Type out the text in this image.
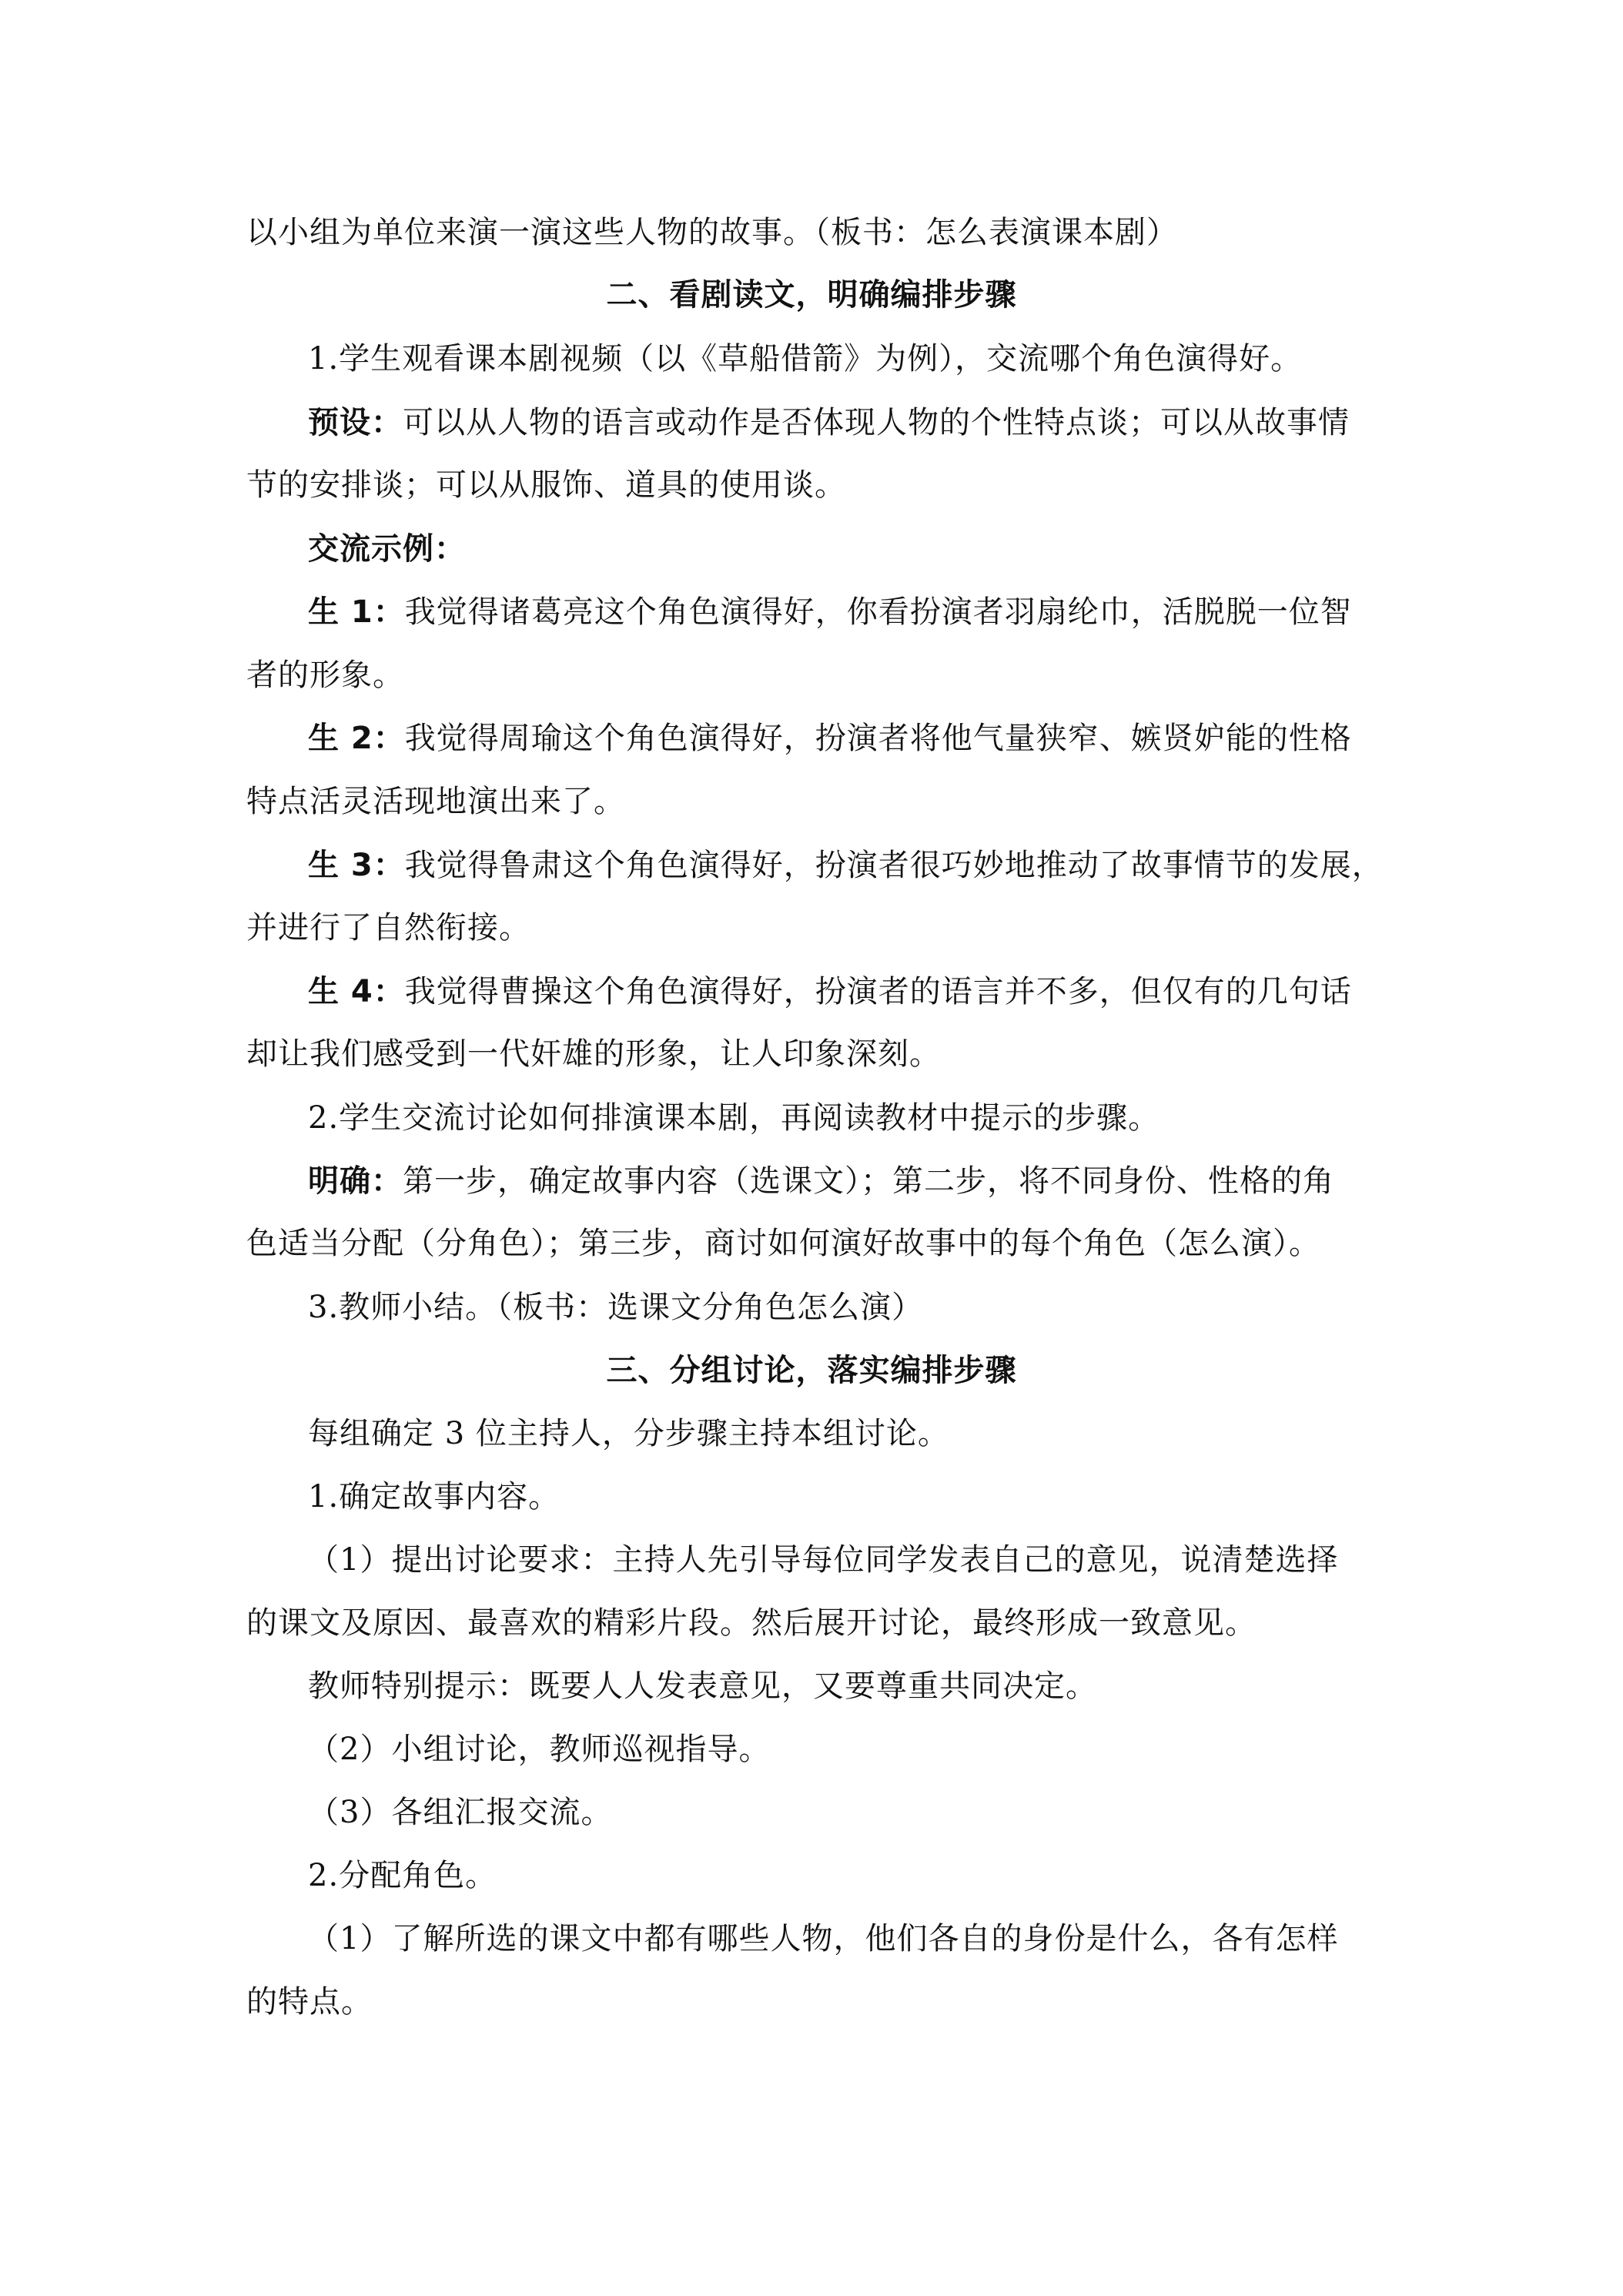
以小组为单位来演一演这些人物的故事。（板书：怎么表演课本剧）
二、看剧读文，明确编排步骤
1.学生观看课本剧视频（以《草船借箭》为例），交流哪个角色演得好。
预设：可以从人物的语言或动作是否体现人物的个性特点谈；可以从故事情
节的安排谈；可以从服饰、道具的使用谈。
交流示例：
生 1：我觉得诸葛亮这个角色演得好，你看扮演者羽扇纶巾，活脱脱一位智
者的形象。
生 2：我觉得周瑜这个角色演得好，扮演者将他气量狭窄、嫉贤妒能的性格
特点活灵活现地演出来了。
生 3：我觉得鲁肃这个角色演得好，扮演者很巧妙地推动了故事情节的发展，
并进行了自然衔接。
生 4：我觉得曹操这个角色演得好，扮演者的语言并不多，但仅有的几句话
却让我们感受到一代奸雄的形象，让人印象深刻。
2.学生交流讨论如何排演课本剧，再阅读教材中提示的步骤。
明确：第一步，确定故事内容（选课文）；第二步，将不同身份、性格的角
色适当分配（分角色）；第三步，商讨如何演好故事中的每个角色（怎么演）。
3.教师小结。（板书：选课文分角色怎么演）
三、分组讨论，落实编排步骤
每组确定 3 位主持人，分步骤主持本组讨论。
1.确定故事内容。
（1）提出讨论要求：主持人先引导每位同学发表自己的意见，说清楚选择
的课文及原因、最喜欢的精彩片段。然后展开讨论，最终形成一致意见。
教师特别提示：既要人人发表意见，又要尊重共同决定。
（2）小组讨论，教师巡视指导。
（3）各组汇报交流。
2.分配角色。
（1）了解所选的课文中都有哪些人物，他们各自的身份是什么，各有怎样
的特点。
